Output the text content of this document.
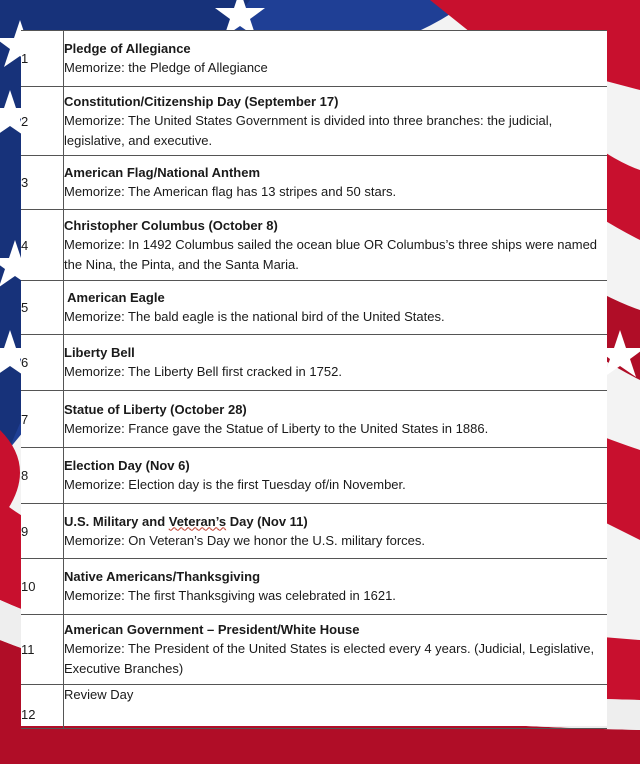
1	Pledge of Allegiance
Memorize: the Pledge of Allegiance

2	Constitution/Citizenship Day (September 17)
Memorize: The United States Government is divided into three branches: the judicial, legislative, and executive.

3	American Flag/National Anthem
Memorize: The American flag has 13 stripes and 50 stars.

4	Christopher Columbus (October 8)
Memorize: In 1492 Columbus sailed the ocean blue OR Columbus’s three ships were named the Nina, the Pinta, and the Santa Maria.

5	American Eagle
Memorize: The bald eagle is the national bird of the United States.

6	Liberty Bell
Memorize: The Liberty Bell first cracked in 1752.

7	Statue of Liberty (October 28)
Memorize: France gave the Statue of Liberty to the United States in 1886.

8	Election Day (Nov 6)
Memorize: Election day is the first Tuesday of/in November.

9	U.S. Military and Veteran’s Day (Nov 11)
Memorize: On Veteran’s Day we honor the U.S. military forces.

10	Native Americans/Thanksgiving
Memorize: The first Thanksgiving was celebrated in 1621.

11	American Government – President/White House
Memorize: The President of the United States is elected every 4 years. (Judicial, Legislative, Executive Branches)

12	Review Day
